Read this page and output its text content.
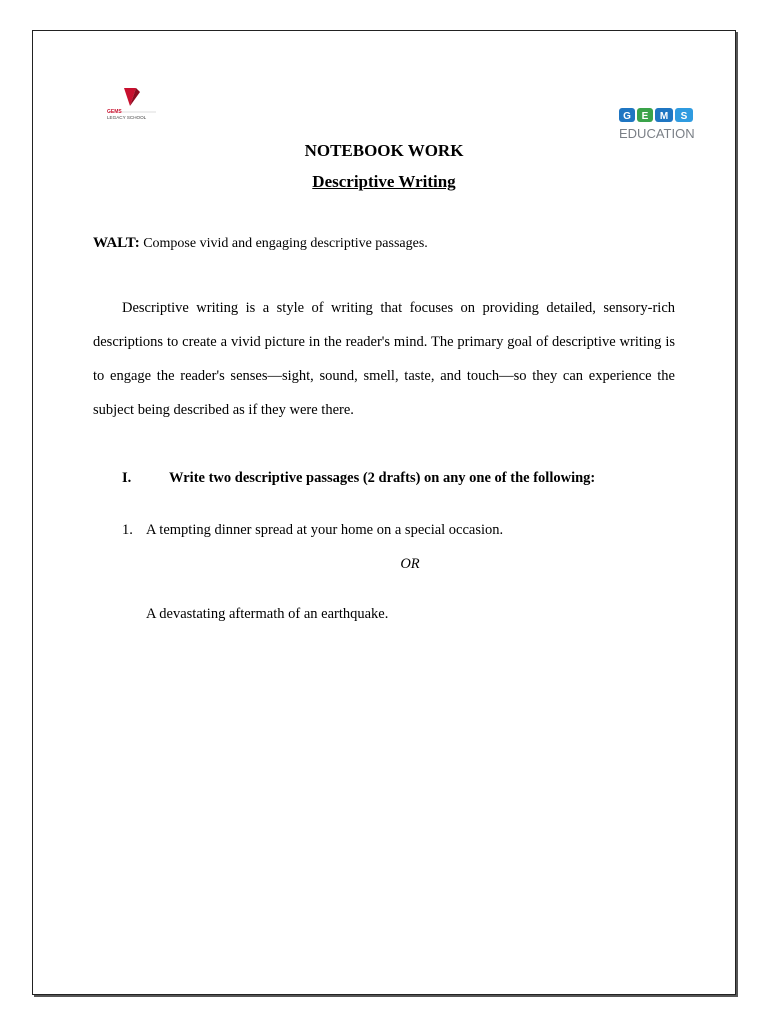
GEMS
LEGACY SCHOOL	G E M S
EDUCATION
NOTEBOOK WORK
Descriptive Writing
WALT: Compose vivid and engaging descriptive passages.
Descriptive writing is a style of writing that focuses on providing detailed, sensory-rich descriptions to create a vivid picture in the reader's mind. The primary goal of descriptive writing is to engage the reader's senses—sight, sound, smell, taste, and touch—so they can experience the subject being described as if they were there.
I.	Write two descriptive passages (2 drafts) on any one of the following:
1. A tempting dinner spread at your home on a special occasion.
OR
A devastating aftermath of an earthquake.
